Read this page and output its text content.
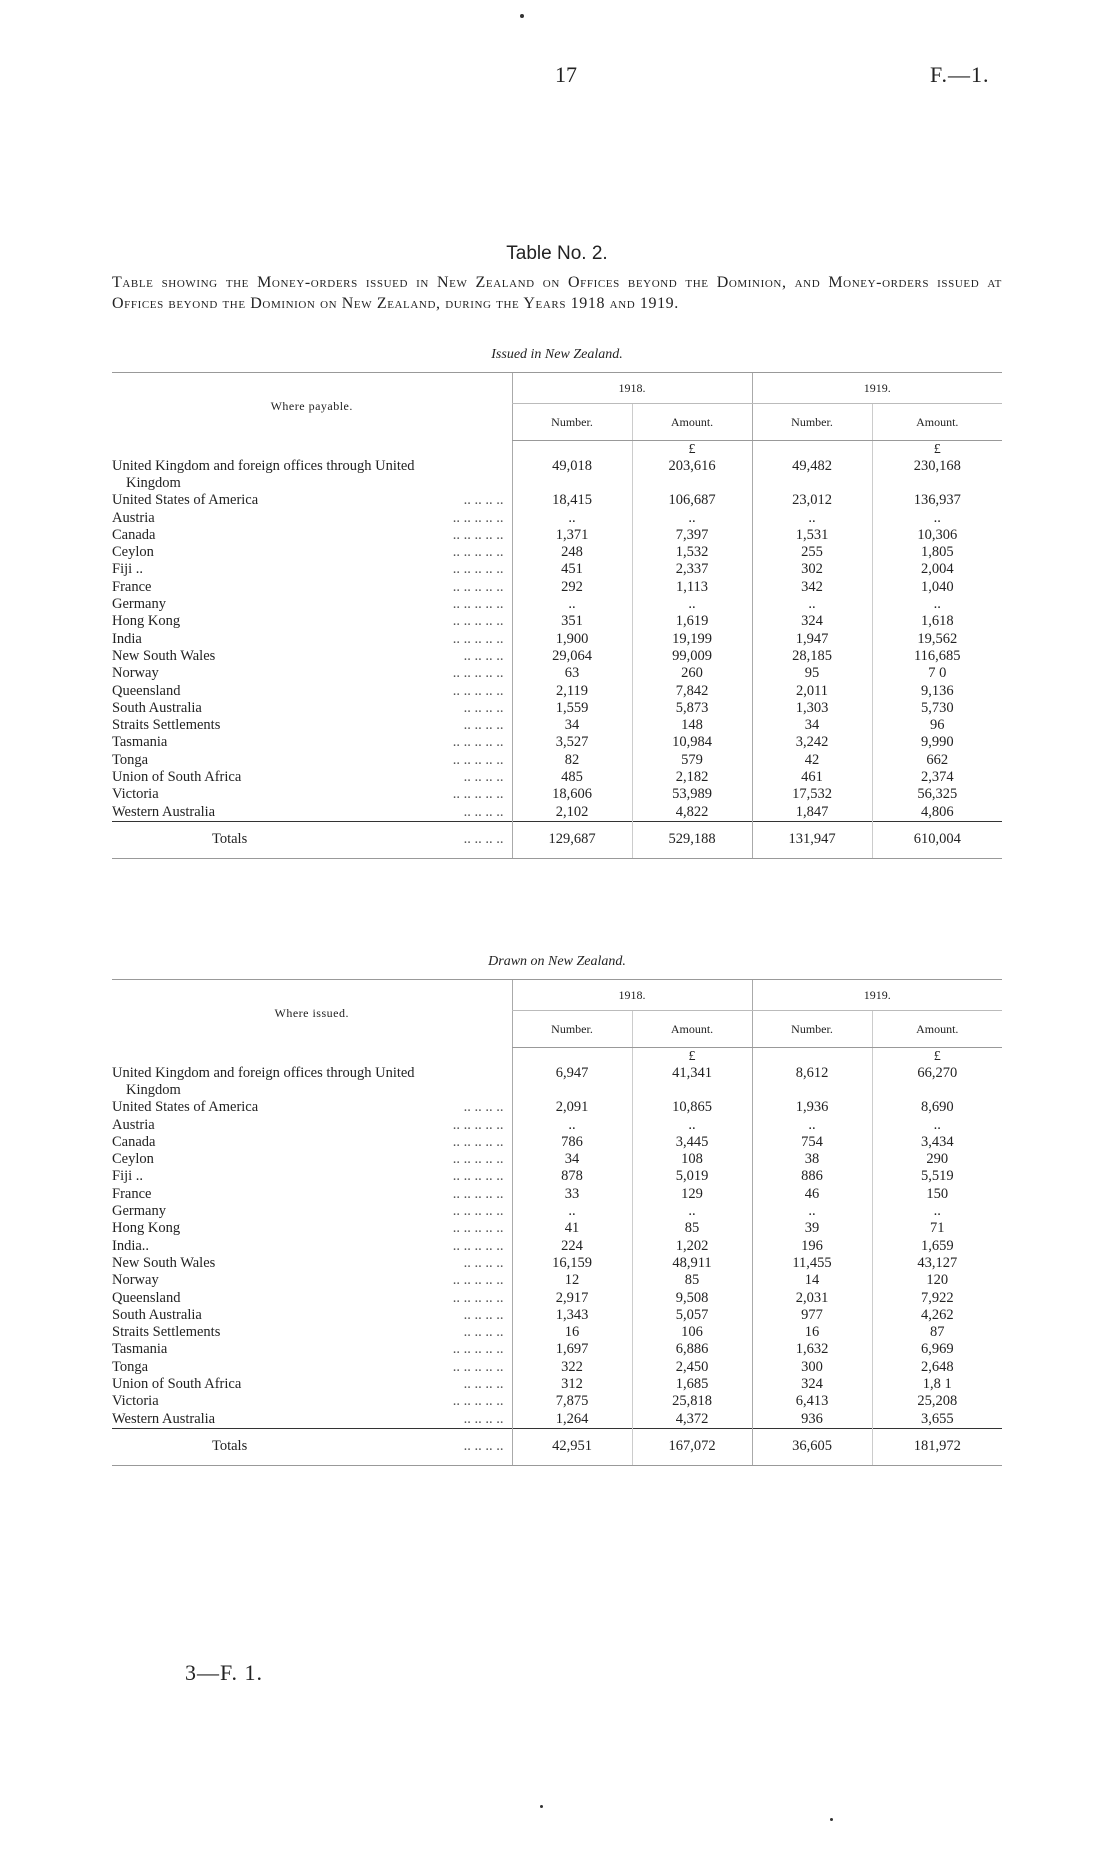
17	F.—1.
Table No. 2.
Table showing the Money-orders issued in New Zealand on Offices beyond the Dominion, and Money-orders issued at Offices beyond the Dominion on New Zealand, during the Years 1918 and 1919.
Issued in New Zealand.
Where payable.	1918.		1919.	
	Number.	Amount.	Number.	Amount.
		£		£

United Kingdom and foreign offices through United
Kingdom	49,018	203,616	49,482	230,168
United States of America .. .. .. ..	18,415	106,687	23,012	136,937
Austria .. .. .. .. ..	..	..	..	..
Canada .. .. .. .. ..	1,371	7,397	1,531	10,306
Ceylon .. .. .. .. ..	248	1,532	255	1,805
Fiji .. .. .. .. .. ..	451	2,337	302	2,004
France .. .. .. .. ..	292	1,113	342	1,040
Germany .. .. .. .. ..	..	..	..	..
Hong Kong .. .. .. .. ..	351	1,619	324	1,618
India .. .. .. .. ..	1,900	19,199	1,947	19,562
New South Wales .. .. .. ..	29,064	99,009	28,185	116,685
Norway .. .. .. .. ..	63	260	95	7 0
Queensland .. .. .. .. ..	2,119	7,842	2,011	9,136
South Australia .. .. .. ..	1,559	5,873	1,303	5,730
Straits Settlements .. .. .. ..	34	148	34	96
Tasmania .. .. .. .. ..	3,527	10,984	3,242	9,990
Tonga .. .. .. .. ..	82	579	42	662
Union of South Africa .. .. .. ..	485	2,182	461	2,374
Victoria .. .. .. .. ..	18,606	53,989	17,532	56,325
Western Australia .. .. .. ..	2,102	4,822	1,847	4,806
Totals .. .. .. ..	129,687	529,188	131,947	610,004
Drawn on New Zealand.
Where issued.	1918.		1919.	
	Number.	Amount.	Number.	Amount.
		£		£

United Kingdom and foreign offices through United
Kingdom	6,947	41,341	8,612	66,270
United States of America .. .. .. ..	2,091	10,865	1,936	8,690
Austria .. .. .. .. ..	..	..	..	..
Canada .. .. .. .. ..	786	3,445	754	3,434
Ceylon .. .. .. .. ..	34	108	38	290
Fiji .. .. .. .. .. ..	878	5,019	886	5,519
France .. .. .. .. ..	33	129	46	150
Germany .. .. .. .. ..	..	..	..	..
Hong Kong .. .. .. .. ..	41	85	39	71
India.. .. .. .. .. ..	224	1,202	196	1,659
New South Wales .. .. .. ..	16,159	48,911	11,455	43,127
Norway .. .. .. .. ..	12	85	14	120
Queensland .. .. .. .. ..	2,917	9,508	2,031	7,922
South Australia .. .. .. ..	1,343	5,057	977	4,262
Straits Settlements .. .. .. ..	16	106	16	87
Tasmania .. .. .. .. ..	1,697	6,886	1,632	6,969
Tonga .. .. .. .. ..	322	2,450	300	2,648
Union of South Africa .. .. .. ..	312	1,685	324	1,8 1
Victoria .. .. .. .. ..	7,875	25,818	6,413	25,208
Western Australia .. .. .. ..	1,264	4,372	936	3,655
Totals .. .. .. ..	42,951	167,072	36,605	181,972
3—F. 1.
